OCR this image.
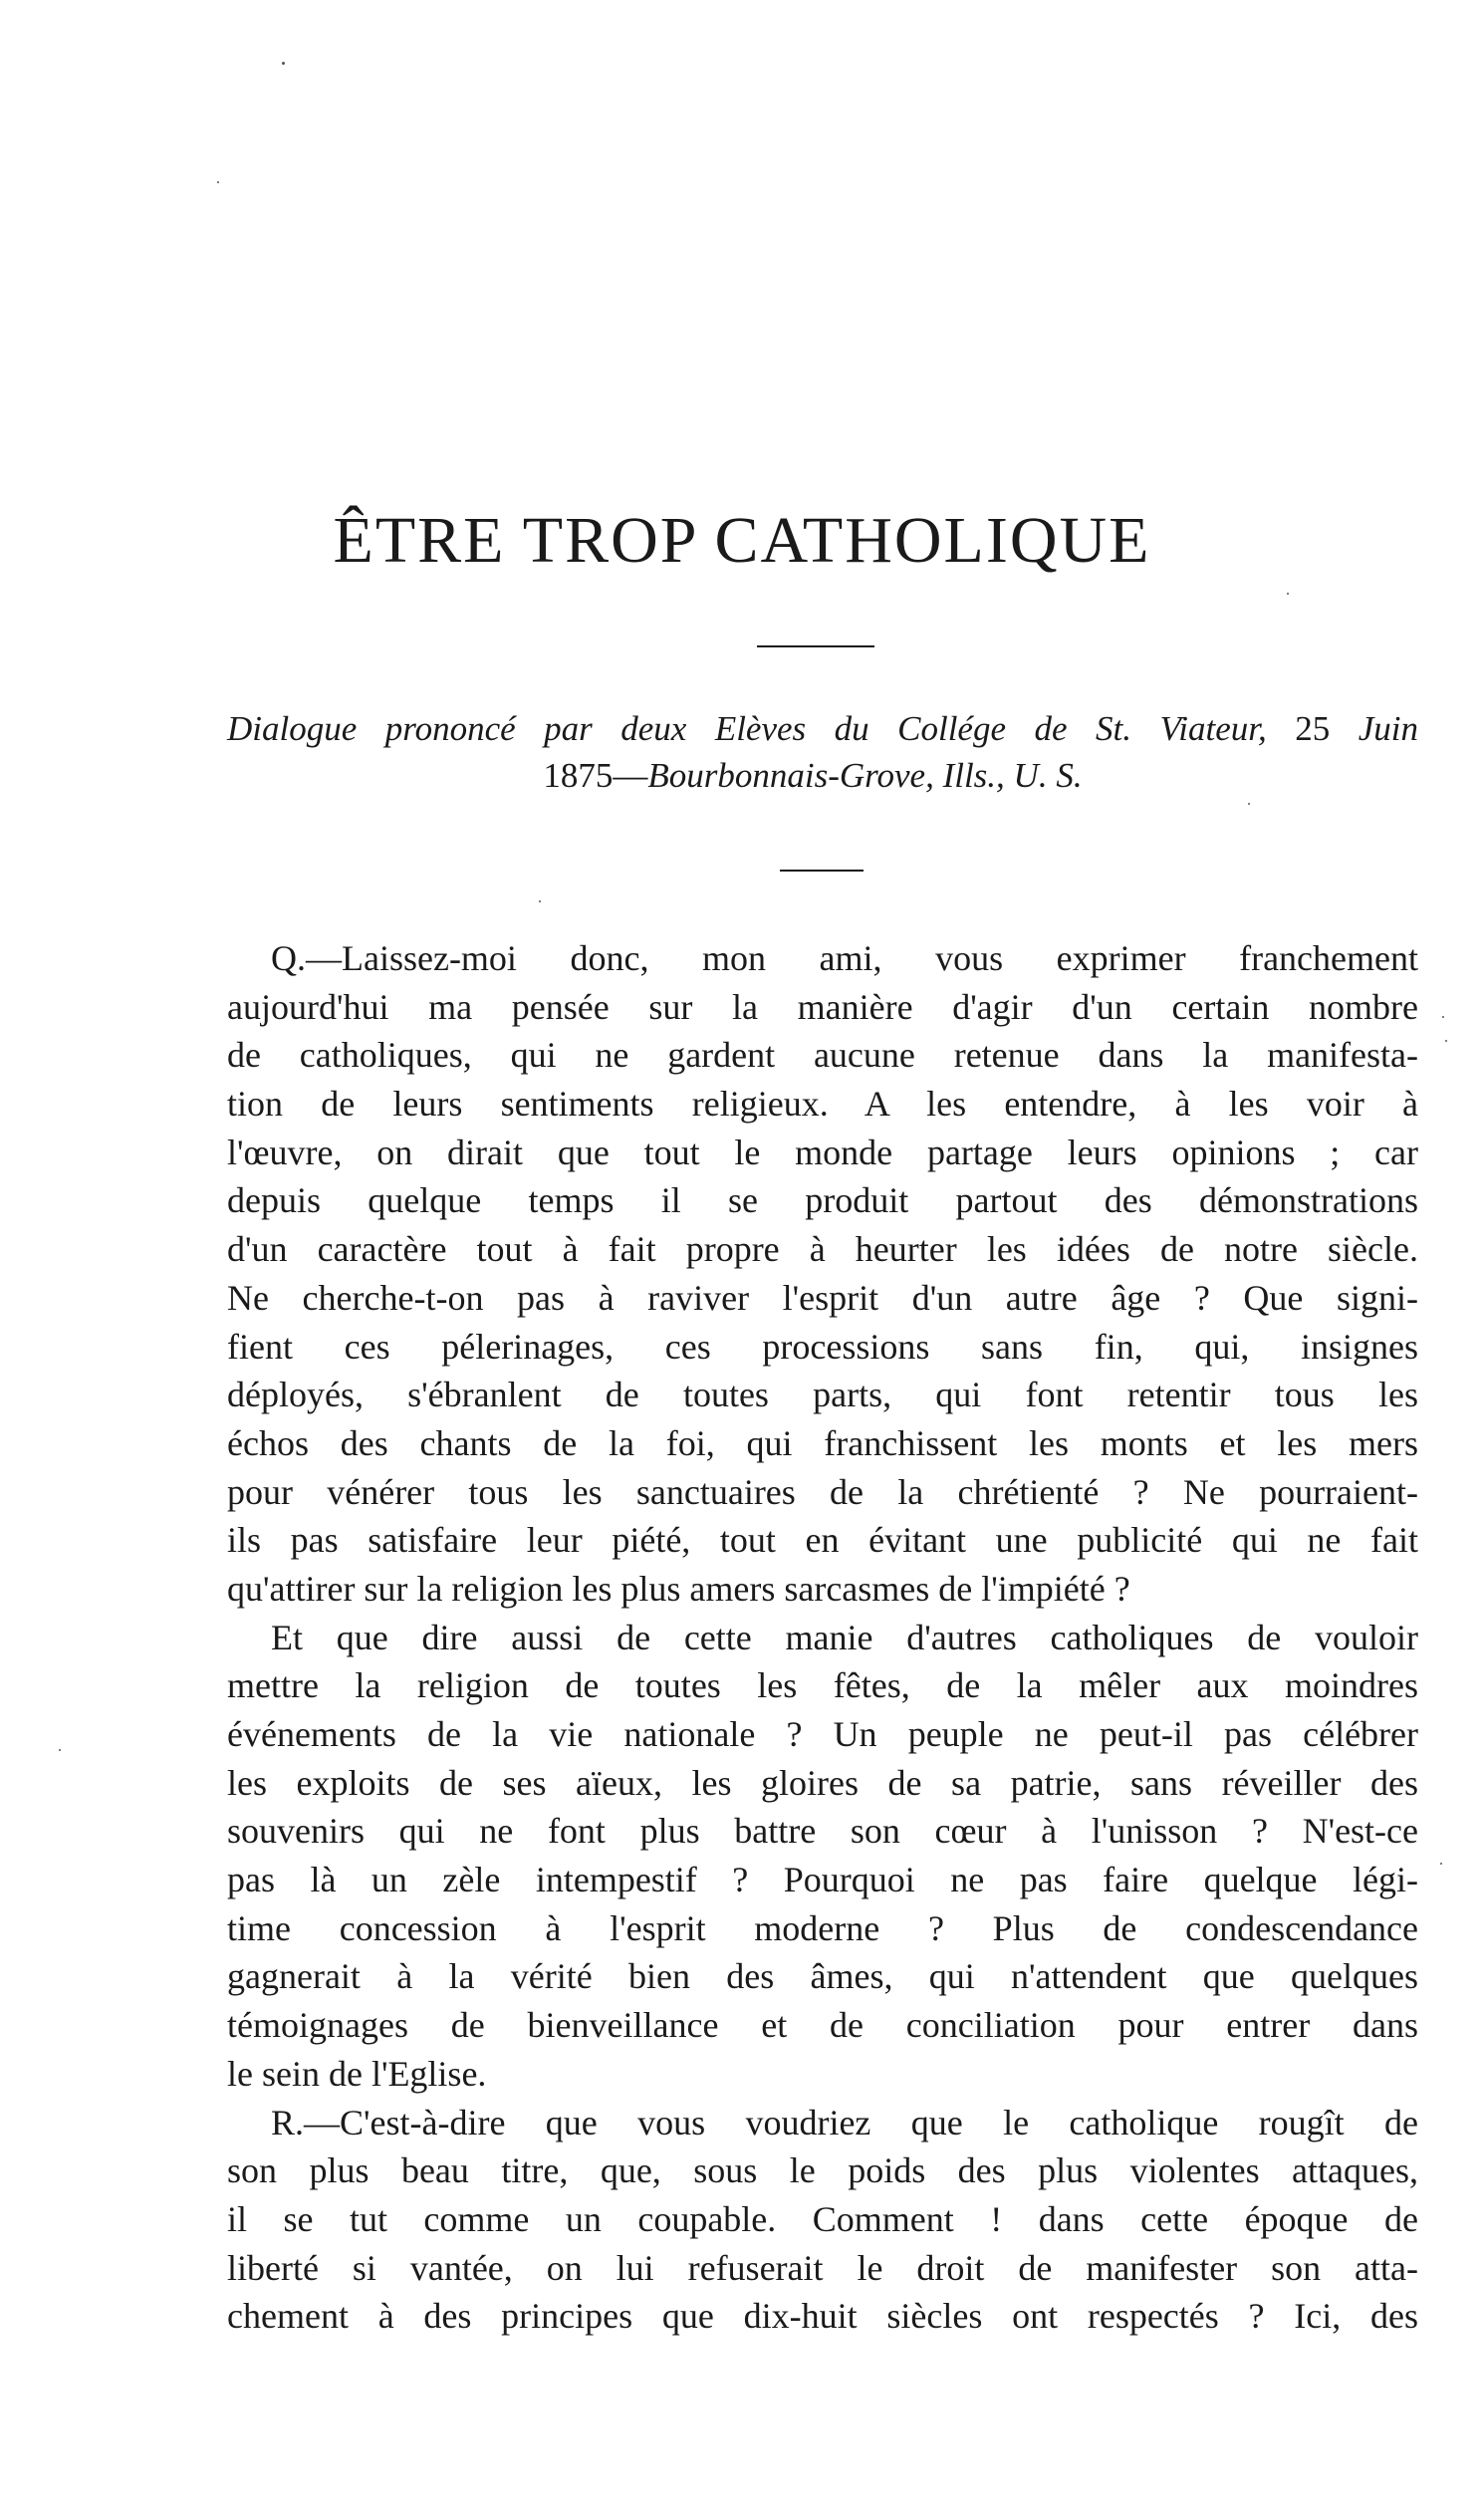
ÊTRE TROP CATHOLIQUE

Dialogue prononcé par deux Elèves du Collége de St. Viateur, 25 Juin
1875—Bourbonnais-Grove, Ills., U. S.

Q.—Laissez-moi donc, mon ami, vous exprimer franchement
aujourd'hui ma pensée sur la manière d'agir d'un certain nombre
de catholiques, qui ne gardent aucune retenue dans la manifesta-
tion de leurs sentiments religieux. A les entendre, à les voir à
l'œuvre, on dirait que tout le monde partage leurs opinions ; car
depuis quelque temps il se produit partout des démonstrations
d'un caractère tout à fait propre à heurter les idées de notre siècle.
Ne cherche-t-on pas à raviver l'esprit d'un autre âge ? Que signi-
fient ces pélerinages, ces processions sans fin, qui, insignes
déployés, s'ébranlent de toutes parts, qui font retentir tous les
échos des chants de la foi, qui franchissent les monts et les mers
pour vénérer tous les sanctuaires de la chrétienté ? Ne pourraient-
ils pas satisfaire leur piété, tout en évitant une publicité qui ne fait
qu'attirer sur la religion les plus amers sarcasmes de l'impiété ?
Et que dire aussi de cette manie d'autres catholiques de vouloir
mettre la religion de toutes les fêtes, de la mêler aux moindres
événements de la vie nationale ? Un peuple ne peut-il pas célébrer
les exploits de ses aïeux, les gloires de sa patrie, sans réveiller des
souvenirs qui ne font plus battre son cœur à l'unisson ? N'est-ce
pas là un zèle intempestif ? Pourquoi ne pas faire quelque légi-
time concession à l'esprit moderne ? Plus de condescendance
gagnerait à la vérité bien des âmes, qui n'attendent que quelques
témoignages de bienveillance et de conciliation pour entrer dans
le sein de l'Eglise.
R.—C'est-à-dire que vous voudriez que le catholique rougît de
son plus beau titre, que, sous le poids des plus violentes attaques,
il se tut comme un coupable. Comment ! dans cette époque de
liberté si vantée, on lui refuserait le droit de manifester son atta-
chement à des principes que dix-huit siècles ont respectés ? Ici, des
